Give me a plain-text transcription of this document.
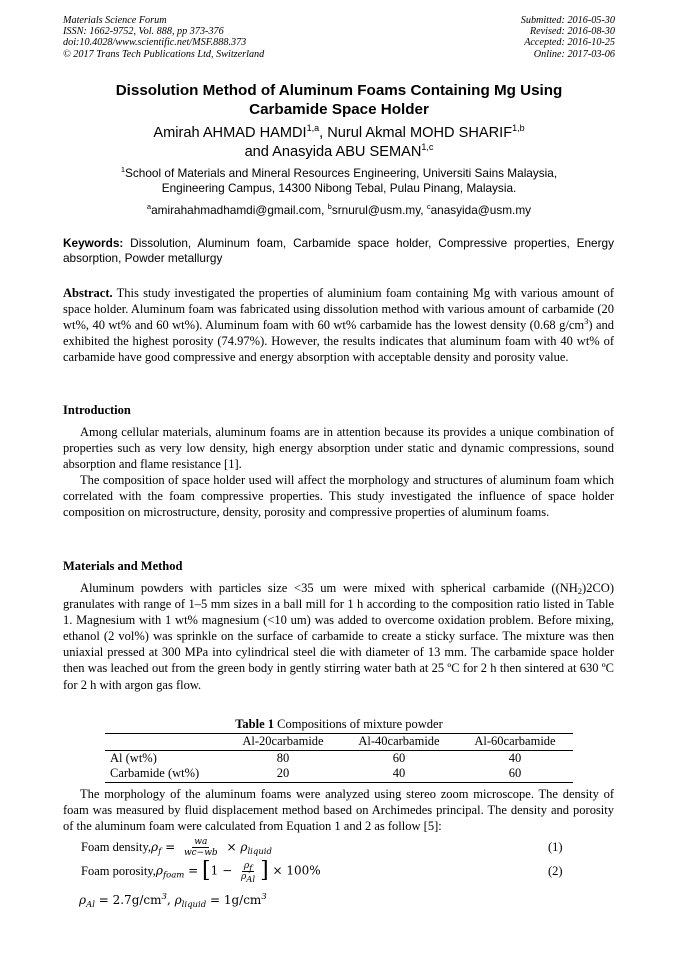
Materials Science Forum
ISSN: 1662-9752, Vol. 888, pp 373-376
doi:10.4028/www.scientific.net/MSF.888.373
© 2017 Trans Tech Publications Ltd, Switzerland
Submitted: 2016-05-30
Revised: 2016-08-30
Accepted: 2016-10-25
Online: 2017-03-06
Dissolution Method of Aluminum Foams Containing Mg Using
Carbamide Space Holder
Amirah AHMAD HAMDI$^{1,a}$, Nurul Akmal MOHD SHARIF$^{1,b}$
and Anasyida ABU SEMAN$^{1,c}$
$^1$School of Materials and Mineral Resources Engineering, Universiti Sains Malaysia,
Engineering Campus, 14300 Nibong Tebal, Pulau Pinang, Malaysia.
$^a$amirahahmadhamdi@gmail.com, $^b$srnurul@usm.my, $^c$anasyida@usm.my
Keywords: Dissolution, Aluminum foam, Carbamide space holder, Compressive properties, Energy absorption, Powder metallurgy

Abstract. This study investigated the properties of aluminium foam containing Mg with various amount of space holder. Aluminum foam was fabricated using dissolution method with various amount of carbamide (20 wt%, 40 wt% and 60 wt%). Aluminum foam with 60 wt% carbamide has the lowest density (0.68 $g/cm^3$) and exhibited the highest porosity (74.97%). However, the results indicates that aluminum foam with 40 wt% of carbamide have good compressive and energy absorption with acceptable density and porosity value.

Introduction

Among cellular materials, aluminum foams are in attention because its provides a unique combination of properties such as very low density, high energy absorption under static and dynamic compressions, sound absorption and flame resistance [1].

The composition of space holder used will affect the morphology and structures of aluminum foam which correlated with the foam compressive properties. This study investigated the influence of space holder composition on microstructure, density, porosity and compressive properties of aluminum foams.

Materials and Method

Aluminum powders with particles size <35 um were mixed with spherical carbamide $((NH_2)2CO)$ granulates with range of 1–5 mm sizes in a ball mill for 1 h according to the composition ratio listed in Table 1. Magnesium with 1 wt% magnesium (<10 um) was added to overcome oxidation problem. Before mixing, ethanol (2 vol%) was sprinkle on the surface of carbamide to create a sticky surface. The mixture was then uniaxial pressed at 300 MPa into cylindrical steel die with diameter of 13 mm. The carbamide space holder then was leached out from the green body in gently stirring water bath at 25 ºC for 2 h then sintered at 630 ºC for 2 h with argon gas flow.

Table 1 Compositions of mixture powder
	Al-20carbamide	Al-40carbamide	Al-60carbamide
Al (wt%)	80	60	40
Carbamide (wt%)	20	40	60

The morphology of the aluminum foams were analyzed using stereo zoom microscope. The density of foam was measured by fluid displacement method based on Archimedes principal. The density and porosity of the aluminum foam were calculated from Equation 1 and 2 as follow [5]:

Foam density, $\rho_f = \frac{wa}{wc-wb} \times \rho_{liquid}$	(1)
Foam porosity, $\rho_{foam} = [1 - \frac{\rho f}{\text{ρAl}}$ ] × 100%	(2)
$\rho_{Al} = 2.7g/cm^3$, $\rho_{liquid} = 1g/cm^3$
